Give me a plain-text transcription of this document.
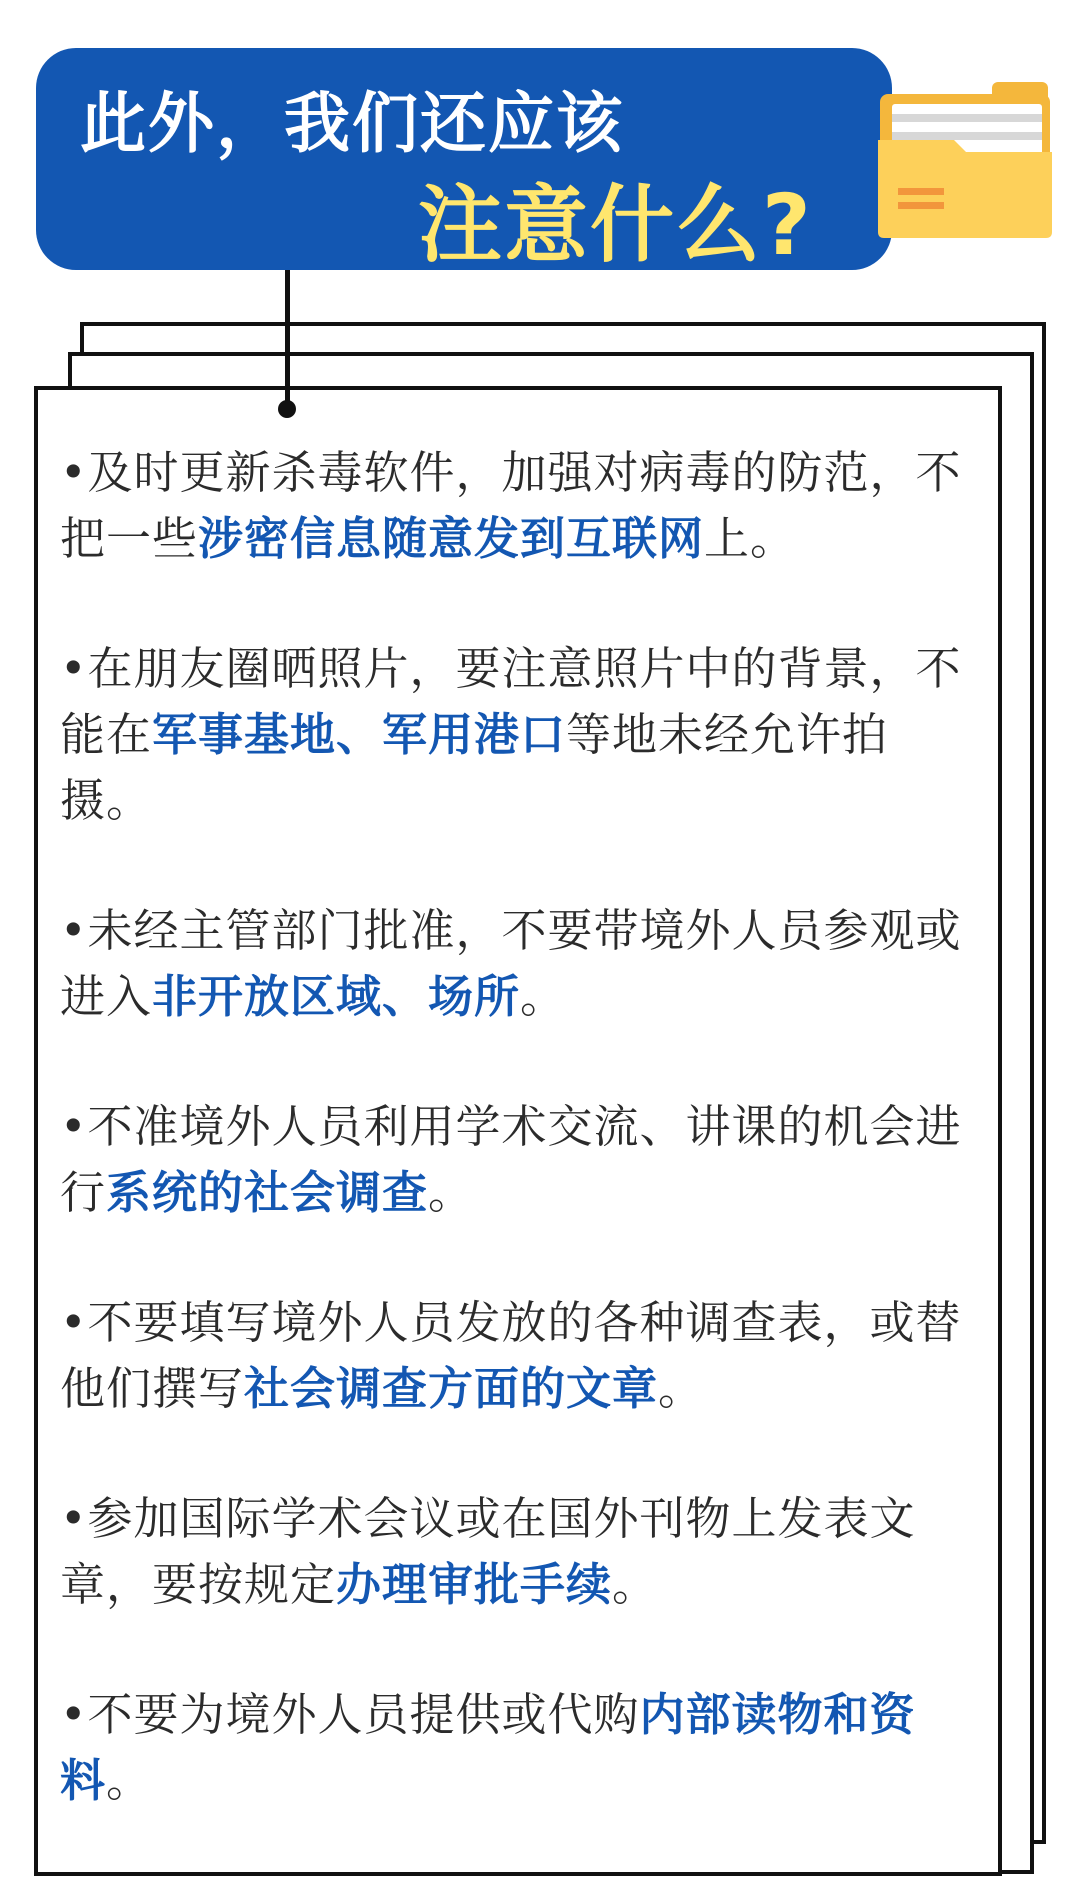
此外，我们还应该
注意什么?
•及时更新杀毒软件，加强对病毒的防范，不把一些涉密信息随意发到互联网上。
•在朋友圈晒照片，要注意照片中的背景，不能在军事基地、军用港口等地未经允许拍摄。
•未经主管部门批准，不要带境外人员参观或进入非开放区域、场所。
•不准境外人员利用学术交流、讲课的机会进行系统的社会调查。
•不要填写境外人员发放的各种调查表，或替他们撰写社会调查方面的文章。
•参加国际学术会议或在国外刊物上发表文章，要按规定办理审批手续。
•不要为境外人员提供或代购内部读物和资料。
